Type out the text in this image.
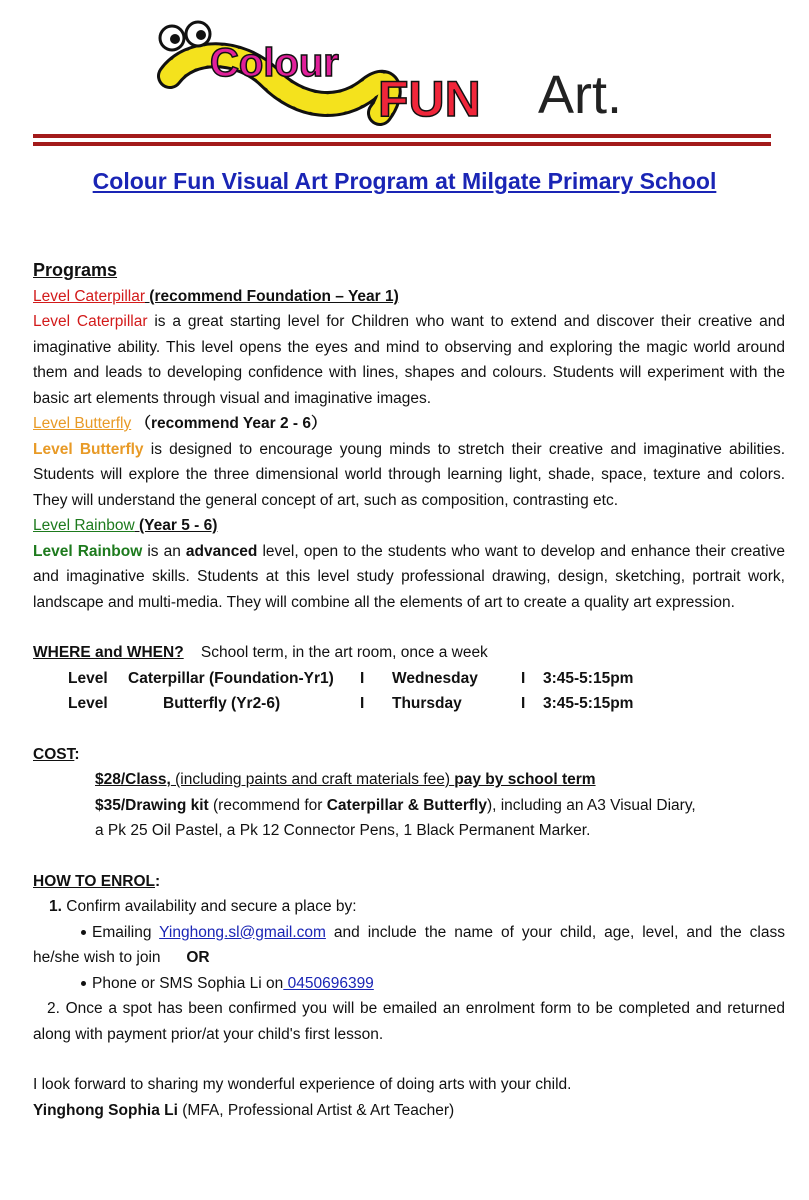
Colour
FUN Art.
Colour Fun Visual Art Program at Milgate Primary School
Programs
Level Caterpillar (recommend Foundation – Year 1)
Level Caterpillar is a great starting level for Children who want to extend and discover their creative and imaginative ability. This level opens the eyes and mind to observing and exploring the magic world around them and leads to developing confidence with lines, shapes and colours. Students will experiment with the basic art elements through visual and imaginative images.
Level Butterfly （recommend Year 2 - 6）
Level Butterfly is designed to encourage young minds to stretch their creative and imaginative abilities. Students will explore the three dimensional world through learning light, shade, space, texture and colors. They will understand the general concept of art, such as composition, contrasting etc.
Level Rainbow (Year 5 - 6)
Level Rainbow is an advanced level, open to the students who want to develop and enhance their creative and imaginative skills. Students at this level study professional drawing, design, sketching, portrait work, landscape and multi-media. They will combine all the elements of art to create a quality art expression.
WHERE and WHEN? School term, in the art room, once a week
Level	Caterpillar (Foundation-Yr1)	I	Wednesday	I	3:45-5:15pm
Level	Butterfly (Yr2-6)	I	Thursday	I	3:45-5:15pm
COST:
$28/Class, (including paints and craft materials fee) pay by school term
$35/Drawing kit (recommend for Caterpillar & Butterfly), including an A3 Visual Diary,
a Pk 25 Oil Pastel, a Pk 12 Connector Pens, 1 Black Permanent Marker.
HOW TO ENROL:
1. Confirm availability and secure a place by:
Emailing Yinghong.sl@gmail.com and include the name of your child, age, level, and the class he/she wish to join OR
Phone or SMS Sophia Li on 0450696399
2. Once a spot has been confirmed you will be emailed an enrolment form to be completed and returned along with payment prior/at your child's first lesson.
I look forward to sharing my wonderful experience of doing arts with your child.
Yinghong Sophia Li (MFA, Professional Artist & Art Teacher)
